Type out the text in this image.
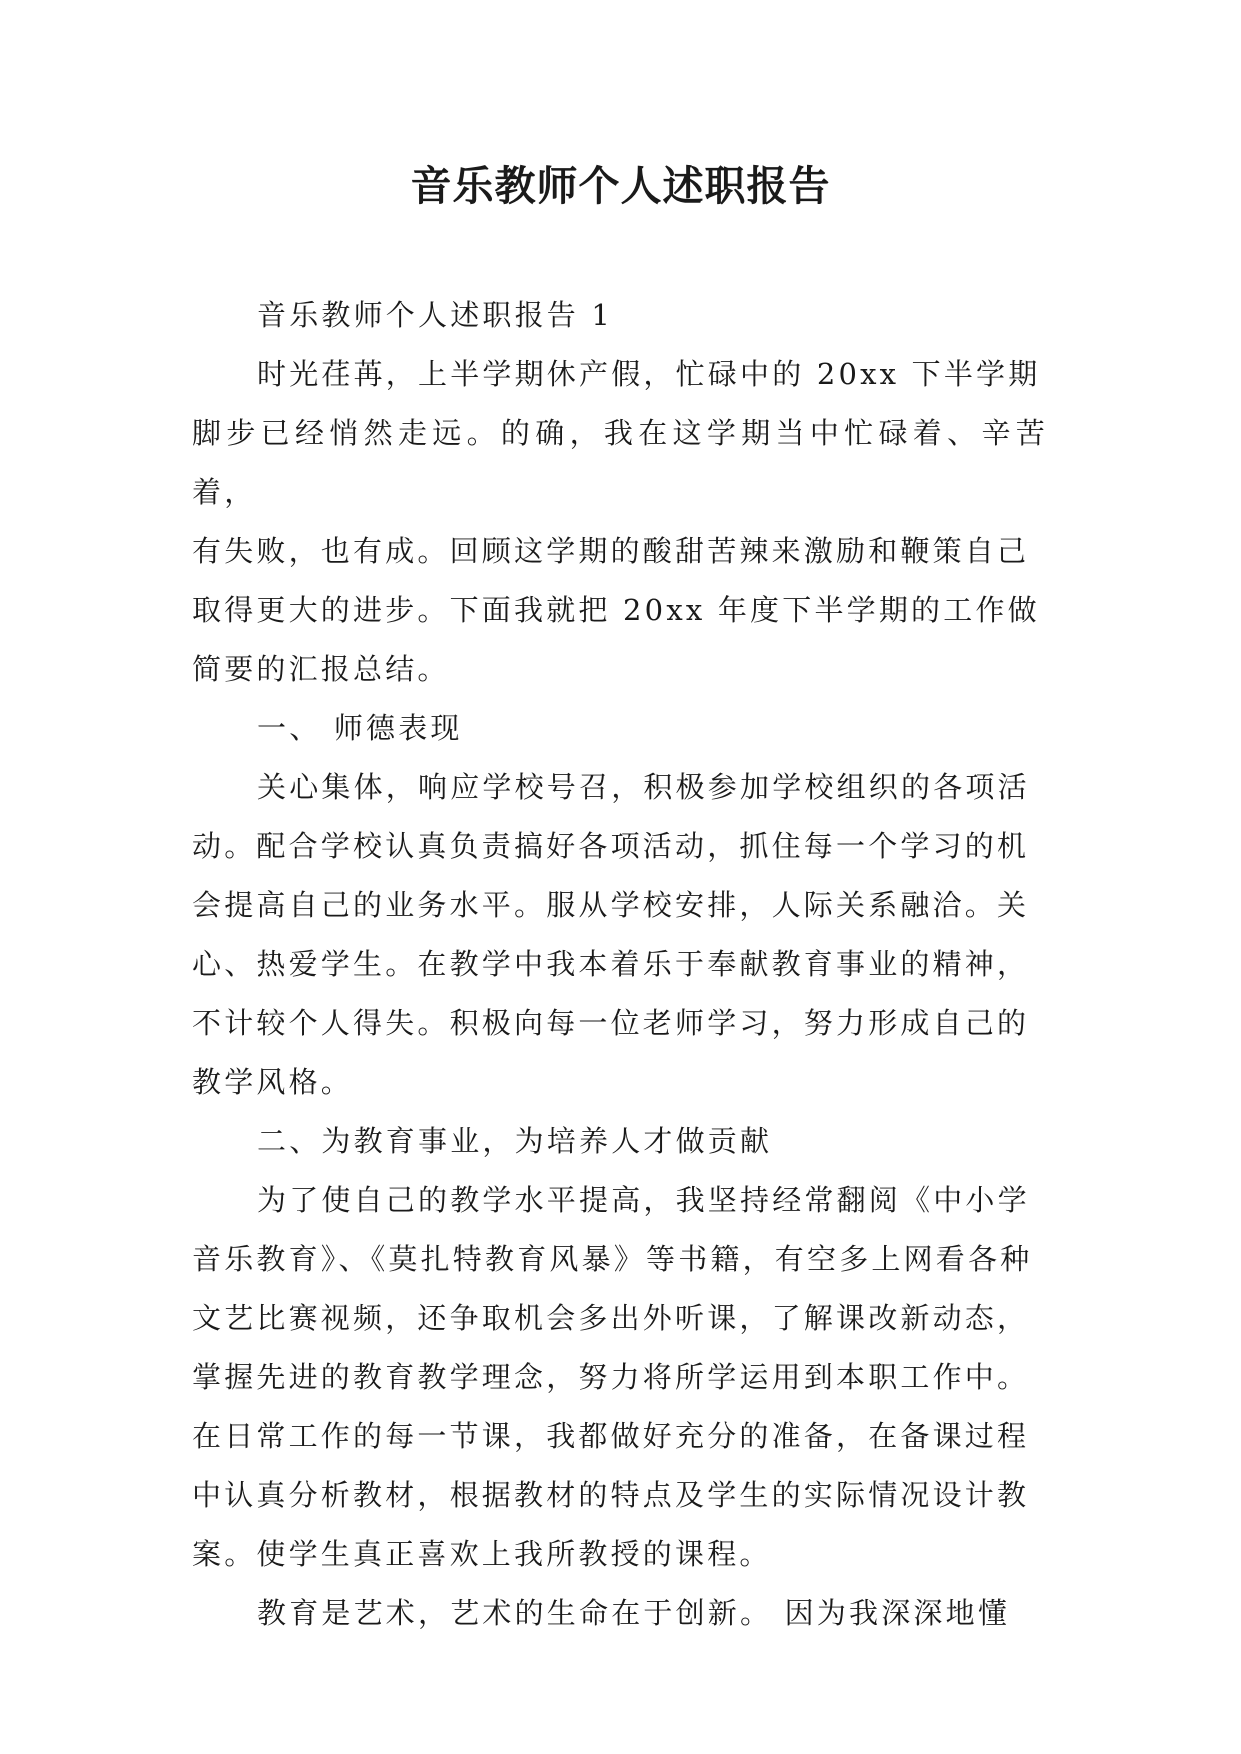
音乐教师个人述职报告

音乐教师个人述职报告 1

时光荏苒，上半学期休产假，忙碌中的 20xx 下半学期

脚步已经悄然走远。的确，我在这学期当中忙碌着、辛苦着，

有失败，也有成。回顾这学期的酸甜苦辣来激励和鞭策自己

取得更大的进步。下面我就把 20xx 年度下半学期的工作做

简要的汇报总结。

一、 师德表现

关心集体，响应学校号召，积极参加学校组织的各项活

动。配合学校认真负责搞好各项活动，抓住每一个学习的机

会提高自己的业务水平。服从学校安排，人际关系融洽。关

心、热爱学生。在教学中我本着乐于奉献教育事业的精神，

不计较个人得失。积极向每一位老师学习，努力形成自己的

教学风格。

二、为教育事业，为培养人才做贡献

为了使自己的教学水平提高，我坚持经常翻阅《中小学

音乐教育》、《莫扎特教育风暴》等书籍，有空多上网看各种

文艺比赛视频，还争取机会多出外听课，了解课改新动态，

掌握先进的教育教学理念，努力将所学运用到本职工作中。

在日常工作的每一节课，我都做好充分的准备，在备课过程

中认真分析教材，根据教材的特点及学生的实际情况设计教

案。使学生真正喜欢上我所教授的课程。

教育是艺术，艺术的生命在于创新。 因为我深深地懂
